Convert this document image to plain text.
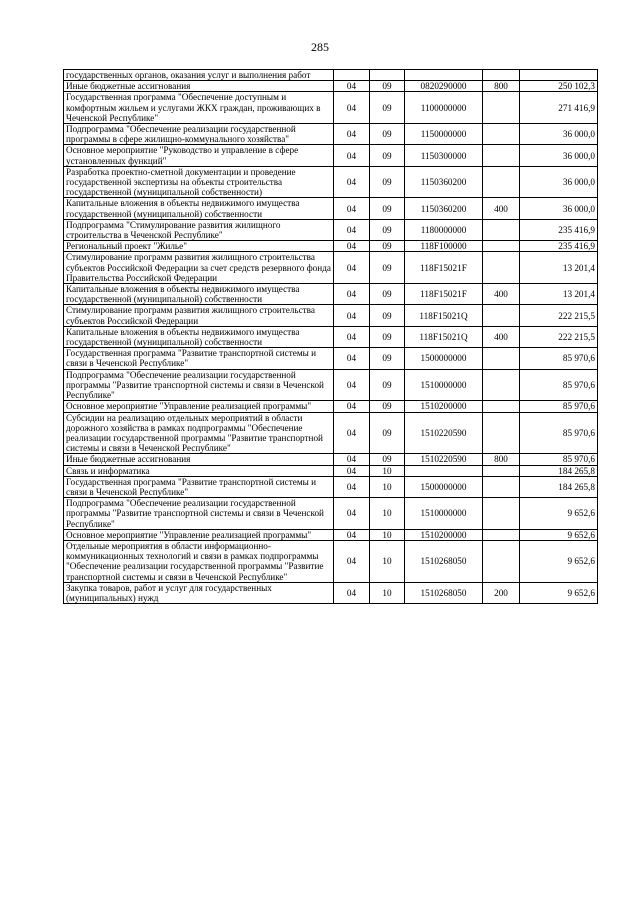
285
государственных органов, оказания услуг и выполнения работ					
Иные бюджетные ассигнования	04	09	0820290000	800	250 102,3
Государственная программа "Обеспечение доступным и комфортным жильем и услугами ЖКХ граждан, проживающих в Чеченской Республике"	04	09	1100000000		271 416,9
Подпрограмма "Обеспечение реализации государственной программы в сфере жилищно-коммунального хозяйства"	04	09	1150000000		36 000,0
Основное мероприятие "Руководство и управление в сфере установленных функций"	04	09	1150300000		36 000,0
Разработка проектно-сметной документации и проведение государственной экспертизы на объекты строительства государственной (муниципальной собственности)	04	09	1150360200		36 000,0
Капитальные вложения в объекты недвижимого имущества государственной (муниципальной) собственности	04	09	1150360200	400	36 000,0
Подпрограмма "Стимулирование развития жилищного строительства в Чеченской Республике"	04	09	1180000000		235 416,9
Региональный проект "Жилье"	04	09	118F100000		235 416,9
Стимулирование программ развития жилищного строительства субъектов Российской Федерации за счет средств резервного фонда Правительства Российской Федерации	04	09	118F15021F		13 201,4
Капитальные вложения в объекты недвижимого имущества государственной (муниципальной) собственности	04	09	118F15021F	400	13 201,4
Стимулирование программ развития жилищного строительства субъектов Российской Федерации	04	09	118F15021Q		222 215,5
Капитальные вложения в объекты недвижимого имущества государственной (муниципальной) собственности	04	09	118F15021Q	400	222 215,5
Государственная программа "Развитие транспортной системы и связи в Чеченской Республике"	04	09	1500000000		85 970,6
Подпрограмма "Обеспечение реализации государственной программы "Развитие транспортной системы и связи в Чеченской Республике"	04	09	1510000000		85 970,6
Основное мероприятие "Управление реализацией программы"	04	09	1510200000		85 970,6
Субсидии на реализацию отдельных мероприятий в области дорожного хозяйства в рамках подпрограммы "Обеспечение реализации государственной программы "Развитие транспортной системы и связи в Чеченской Республике"	04	09	1510220590		85 970,6
Иные бюджетные ассигнования	04	09	1510220590	800	85 970,6
Связь и информатика	04	10			184 265,8
Государственная программа "Развитие транспортной системы и связи в Чеченской Республике"	04	10	1500000000		184 265,8
Подпрограмма "Обеспечение реализации государственной программы "Развитие транспортной системы и связи в Чеченской Республике"	04	10	1510000000		9 652,6
Основное мероприятие "Управление реализацией программы"	04	10	1510200000		9 652,6
Отдельные мероприятия в области информационно-коммуникационных технологий и связи в рамках подпрограммы "Обеспечение реализации государственной программы "Развитие транспортной системы и связи в Чеченской Республике"	04	10	1510268050		9 652,6
Закупка товаров, работ и услуг для государственных (муниципальных) нужд	04	10	1510268050	200	9 652,6
